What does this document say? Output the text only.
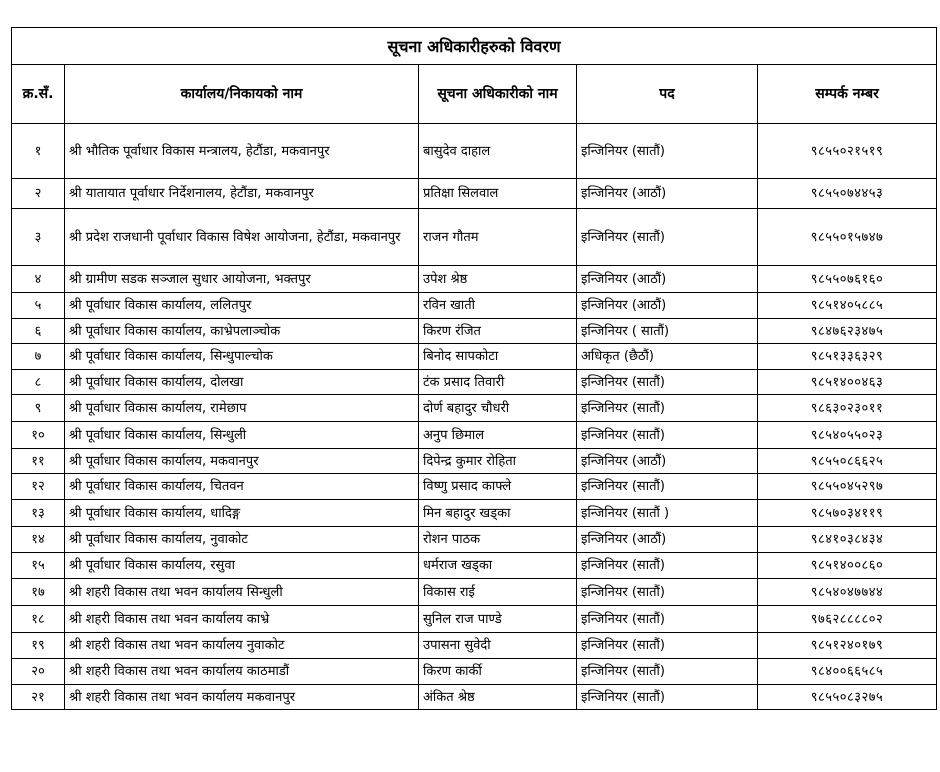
सूचना अधिकारीहरुको विवरण				
क्र.सँ.	कार्यालय/निकायको नाम	सूचना अधिकारीको नाम	पद	सम्पर्क नम्बर
१	श्री भौतिक पूर्वाधार विकास मन्त्रालय, हेटौंडा, मकवानपुर	बासुदेव दाहाल	इन्जिनियर (सातौं)	९८५५०२१५१९
२	श्री यातायात पूर्वाधार निर्देशनालय, हेटौंडा, मकवानपुर	प्रतिक्षा सिलवाल	इन्जिनियर (आठौं)	९८५५०७४४५३
३	श्री प्रदेश राजधानी पूर्वाधार विकास विषेश आयोजना, हेटौंडा, मकवानपुर	राजन गौतम	इन्जिनियर (सातौं)	९८५५०१५७४७
४	श्री ग्रामीण सडक सञ्जाल सुधार आयोजना, भक्तपुर	उपेश श्रेष्ठ	इन्जिनियर (आठौं)	९८५५०७६१६०
५	श्री पूर्वाधार विकास कार्यालय, ललितपुर	रविन खाती	इन्जिनियर (आठौं)	९८५१४०५८८५
६	श्री पूर्वाधार विकास कार्यालय, काभ्रेपलाञ्चोक	किरण रंजित	इन्जिनियर ( सातौं)	९८४७६२३४७५
७	श्री पूर्वाधार विकास कार्यालय, सिन्धुपाल्चोक	बिनोद सापकोटा	अधिकृत (छैठौं)	९८५१३३६३२९
८	श्री पूर्वाधार विकास कार्यालय, दोलखा	टंक प्रसाद तिवारी	इन्जिनियर (सातौं)	९८५१४००४६३
९	श्री पूर्वाधार विकास कार्यालय, रामेछाप	दोर्ण बहादुर चौधरी	इन्जिनियर (सातौं)	९८६३०२३०११
१०	श्री पूर्वाधार विकास कार्यालय, सिन्धुली	अनुप छिमाल	इन्जिनियर (सातौं)	९८५४०५५०२३
११	श्री पूर्वाधार विकास कार्यालय, मकवानपुर	दिपेन्द्र कुमार रोहिता	इन्जिनियर (आठौं)	९८५५०८६६२५
१२	श्री पूर्वाधार विकास कार्यालय, चितवन	विष्णु प्रसाद काफ्ले	इन्जिनियर (सातौं)	९८५५०४५२९७
१३	श्री पूर्वाधार विकास कार्यालय, धादिङ्ग	मिन बहादुर खड्का	इन्जिनियर (सातौं )	९८५७०३४११९
१४	श्री पूर्वाधार विकास कार्यालय, नुवाकोट	रोशन पाठक	इन्जिनियर (आठौं)	९८४१०३८४३४
१५	श्री पूर्वाधार विकास कार्यालय, रसुवा	धर्मराज खड्का	इन्जिनियर (सातौं)	९८५१४००८६०
१७	श्री शहरी विकास तथा भवन कार्यालय सिन्धुली	विकास राई	इन्जिनियर (सातौं)	९८५४०४७७४४
१८	श्री शहरी विकास तथा भवन कार्यालय काभ्रे	सुनिल राज पाण्डे	इन्जिनियर (सातौं)	९७६२८८८८०२
१९	श्री शहरी विकास तथा भवन कार्यालय नुवाकोट	उपासना सुवेदी	इन्जिनियर (सातौं)	९८५१२४०१७९
२०	श्री शहरी विकास तथा भवन कार्यालय काठमाडौं	किरण कार्की	इन्जिनियर (सातौं)	९८४००६६५८५
२१	श्री शहरी विकास तथा भवन कार्यालय मकवानपुर	अंकित श्रेष्ठ	इन्जिनियर (सातौं)	९८५५०८३२७५
